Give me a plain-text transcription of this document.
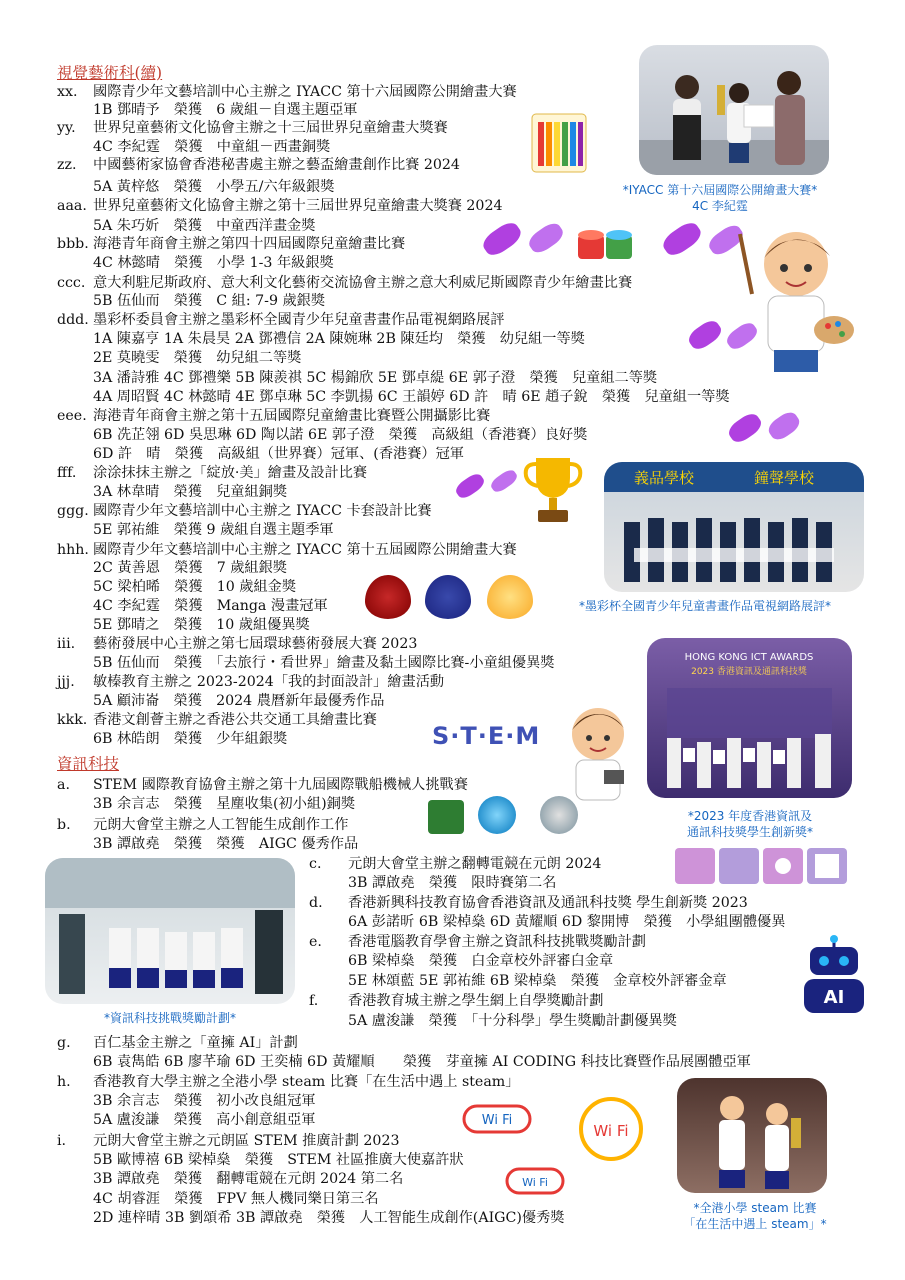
視覺藝術科(續)
xx. 國際青少年文藝培訓中心主辦之 IYACC 第十六屆國際公開繪畫大賽
1B 鄧晴予　榮獲　6 歲組－自選主題亞軍
yy. 世界兒童藝術文化協會主辦之十三屆世界兒童繪畫大獎賽
4C 李紀霆　榮獲　中童組－西畫銅獎
zz. 中國藝術家協會香港秘書處主辦之藝盃繪畫創作比賽 2024
5A 黃梓悠　榮獲　小學五/六年級銀獎
aaa. 世界兒童藝術文化協會主辦之第十三屆世界兒童繪畫大獎賽 2024
5A 朱巧妡　榮獲　中童西洋畫金獎
bbb. 海港青年商會主辦之第四十四屆國際兒童繪畫比賽
4C 林懿晴　榮獲　小學 1-3 年級銀獎
ccc. 意大利駐尼斯政府、意大利文化藝術交流協會主辦之意大利威尼斯國際青少年繪畫比賽
5B 伍仙而　榮獲　C 組: 7-9 歲銀獎
ddd. 墨彩杯委員會主辦之墨彩杯全國青少年兒童書畫作品電視網路展評
1A 陳嘉亨 1A 朱晨昊 2A 鄧禮信 2A 陳婉琳 2B 陳廷均　榮獲　幼兒組一等獎
2E 莫曉雯　榮獲　幼兒組二等獎
3A 潘詩雅 4C 鄧禮樂 5B 陳羨祺 5C 楊錦欣 5E 鄧卓緹 6E 郭子澄　榮獲　兒童組二等獎
4A 周昭賢 4C 林懿晴 4E 鄧卓琳 5C 李凱揚 6C 王韻婷 6D 許　晴 6E 趙子銳　榮獲　兒童組一等獎
eee. 海港青年商會主辦之第十五屆國際兒童繪畫比賽暨公開攝影比賽
6B 冼芷翎 6D 吳思琳 6D 陶以諾 6E 郭子澄　榮獲　高級組（香港賽）良好獎
6D 許　晴　榮獲　高級組（世界賽）冠軍、(香港賽）冠軍
fff. 涂涂抹抹主辦之「綻放·美」繪畫及設計比賽
3A 林韋晴　榮獲　兒童組銅獎
ggg. 國際青少年文藝培訓中心主辦之 IYACC 卡套設計比賽
5E 郭祐維　榮獲 9 歲組自選主題季軍
hhh. 國際青少年文藝培訓中心主辦之 IYACC 第十五屆國際公開繪畫大賽
2C 黃善恩　榮獲　7 歲組銀獎
5C 梁柏晞　榮獲　10 歲組金獎
4C 李紀霆　榮獲　Manga 漫畫冠軍
5E 鄧晴之　榮獲　10 歲組優異獎
iii. 藝術發展中心主辦之第七屆環球藝術發展大賽 2023
5B 伍仙而　榮獲　「去旅行・看世界」繪畫及黏土國際比賽-小童組優異獎
jjj. 敏榛教育主辦之 2023-2024「我的封面設計」繪畫活動
5A 顧沛崙　榮獲　2024 農曆新年最優秀作品
kkk. 香港文創薈主辦之香港公共交通工具繪畫比賽
6B 林皓朗　榮獲　少年組銀獎
資訊科技
a. STEM 國際教育協會主辦之第十九屆國際戰船機械人挑戰賽
3B 余言志　榮獲　星塵收集(初小組)銅獎
b. 元朗大會堂主辦之人工智能生成創作工作
3B 譚啟堯　榮獲　榮獲　AIGC 優秀作品
c. 元朗大會堂主辦之翻轉電競在元朗 2024
3B 譚啟堯　榮獲　限時賽第二名
d. 香港新興科技教育協會香港資訊及通訊科技獎 學生創新獎 2023
6A 彭諾昕 6B 梁棹燊 6D 黃耀順 6D 黎開博　榮獲　小學組團體優異
e. 香港電腦教育學會主辦之資訊科技挑戰獎勵計劃
6B 梁棹燊　榮獲　白金章校外評審白金章
5E 林頌藍 5E 郭祐維 6B 梁棹燊　榮獲　金章校外評審金章
f. 香港教育城主辦之學生網上自學獎勵計劃
5A 盧浚謙　榮獲　「十分科學」學生獎勵計劃優異獎
g. 百仁基金主辦之「童擁 AI」計劃
6B 袁雋皓 6B 廖芊瑜 6D 王奕楠 6D 黃耀順　　榮獲　芽童擁 AI CODING 科技比賽暨作品展團體亞軍
h. 香港教育大學主辦之全港小學 steam 比賽「在生活中遇上 steam」
3B 余言志　榮獲　初小改良組冠軍
5A 盧浚謙　榮獲　高小創意組亞軍
i. 元朗大會堂主辦之元朗區 STEM 推廣計劃 2023
5B 歐博禧 6B 梁棹燊　榮獲　STEM 社區推廣大使嘉許狀
3B 譚啟堯　榮獲　翻轉電競在元朗 2024 第二名
4C 胡睿涯　榮獲　FPV 無人機同樂日第三名
2D 連梓晴 3B 劉頌希 3B 譚啟堯　榮獲　人工智能生成創作(AIGC)優秀獎
*IYACC 第十六屆國際公開繪畫大賽*
4C 李紀霆
義品學校	鐘聲學校
*墨彩杯全國青少年兒童書畫作品電視網路展評*
HONG KONG ICT AWARDS
2023 香港資訊及通訊科技獎
*2023 年度香港資訊及
通訊科技獎學生創新獎*
S·T·E·M
*資訊科技挑戰獎勵計劃*
AI
Wi Fi
Wi Fi
Wi Fi
*全港小學 steam 比賽
「在生活中遇上 steam」*
